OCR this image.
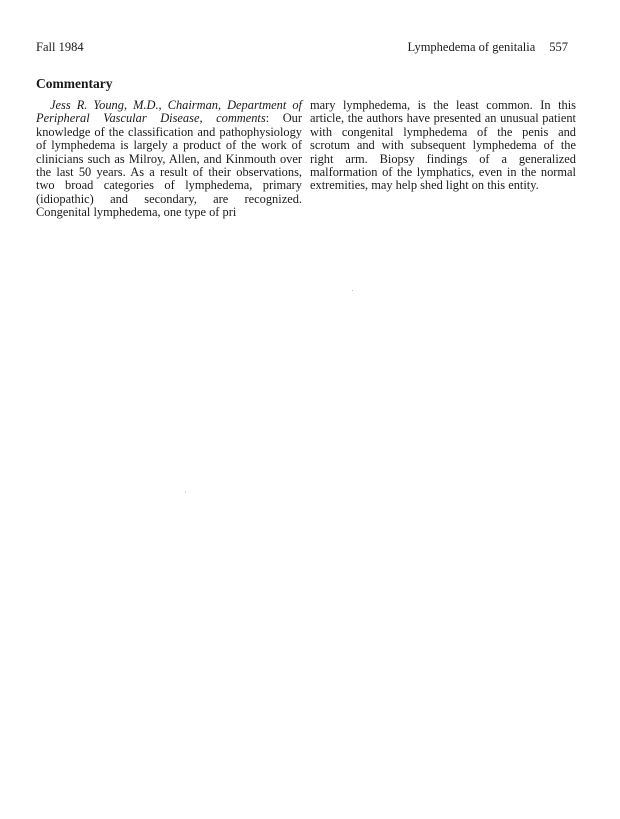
Fall 1984	Lymphedema of genitalia 557
Commentary

Jess R. Young, M.D., Chairman, Department of Peripheral Vascular Disease, comments: Our knowledge of the classification and pathophysiology of lymphedema is largely a product of the work of clinicians such as Milroy, Allen, and Kinmouth over the last 50 years. As a result of their observations, two broad categories of lymphedema, primary (idiopathic) and secondary, are recognized. Congenital lymphedema, one type of pri

mary lymphedema, is the least common. In this article, the authors have presented an unusual patient with congenital lymphedema of the penis and scrotum and with subsequent lymphedema of the right arm. Biopsy findings of a generalized malformation of the lymphatics, even in the normal extremities, may help shed light on this entity.
